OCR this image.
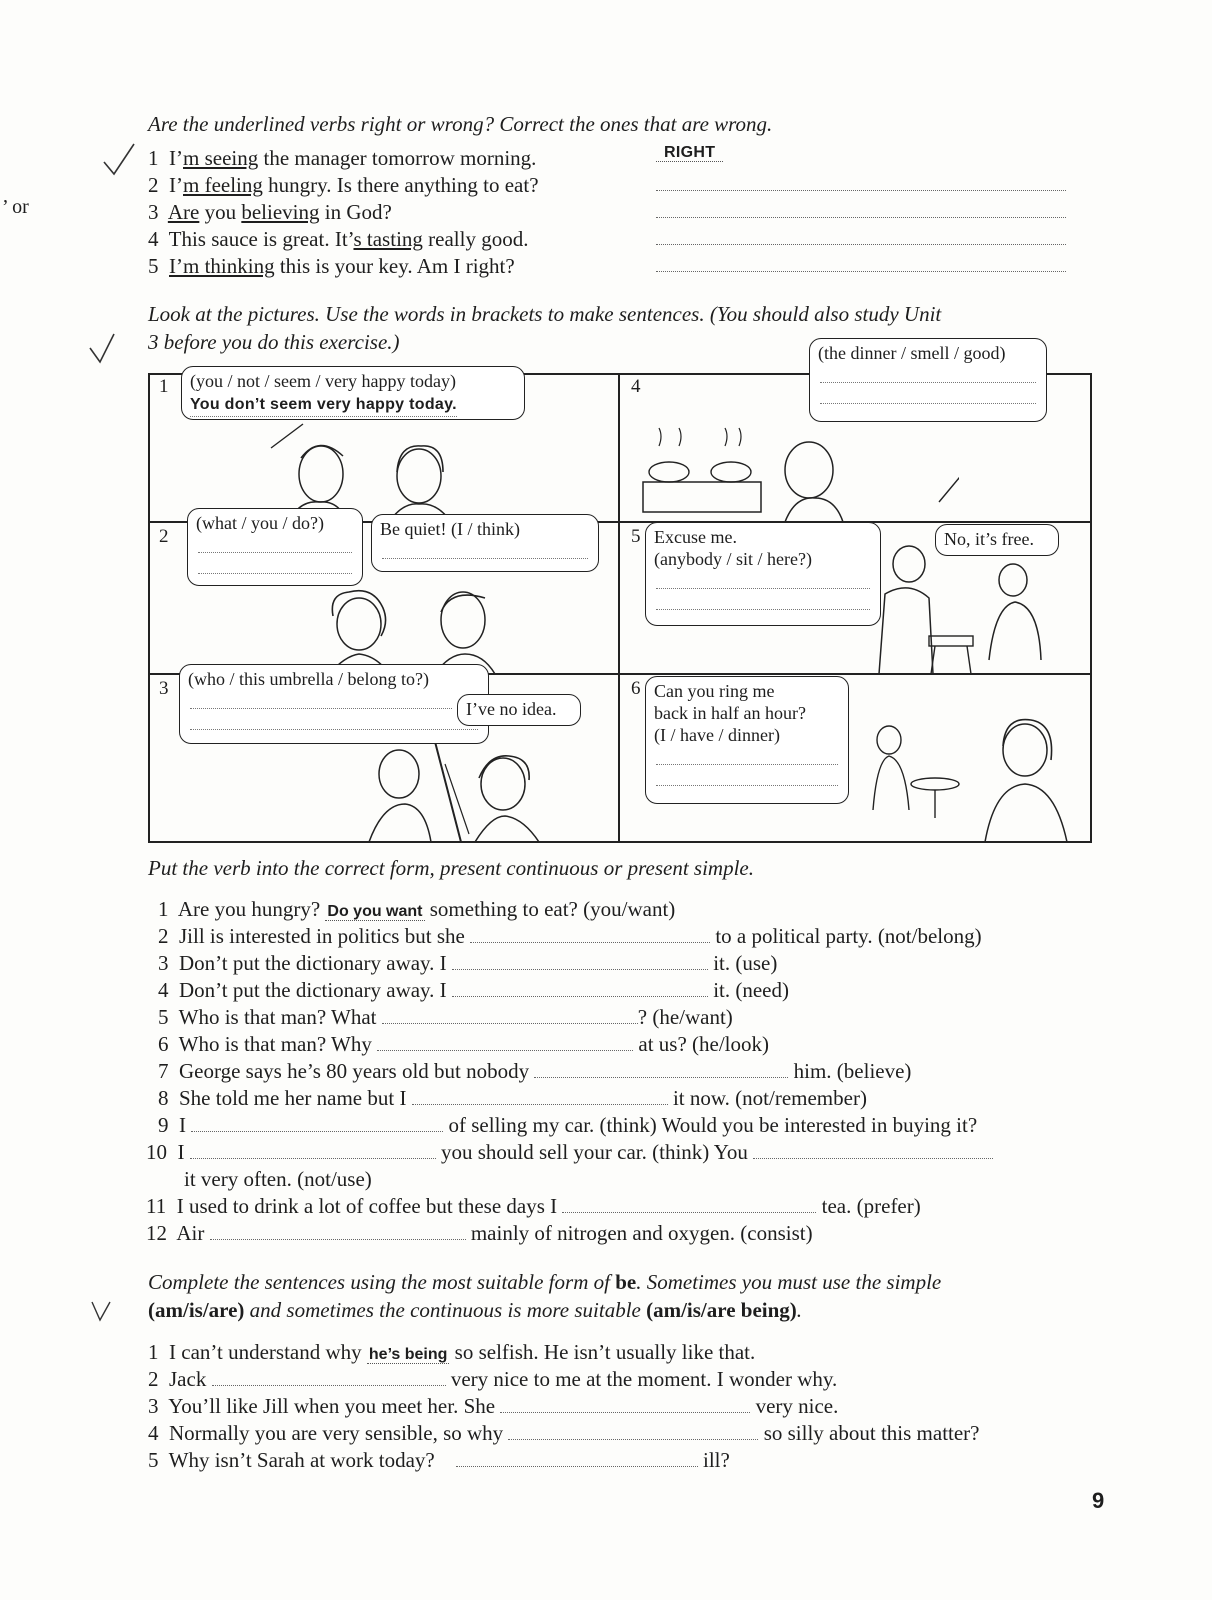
’ or
Are the underlined verbs right or wrong? Correct the ones that are wrong.
1 I’m seeing the manager tomorrow morning.	RIGHT
2 I’m feeling hungry. Is there anything to eat?
3 Are you believing in God?
4 This sauce is great. It’s tasting really good.
5 I’m thinking this is your key. Am I right?
Look at the pictures. Use the words in brackets to make sentences. (You should also study Unit
3 before you do this exercise.)
1	4
2	5
3	6
(you / not / seem / very happy today)
You don’t seem very happy today.
(the dinner / smell / good)
(what / you / do?)	Be quiet! (I / think)	Excuse me.
(anybody / sit / here?)
No, it’s free.
(who / this umbrella / belong to?)
I’ve no idea.
Can you ring me
back in half an hour?
(I / have / dinner)
Put the verb into the correct form, present continuous or present simple.
1 Are you hungry? Do you want something to eat? (you/want)
2 Jill is interested in politics but she	to a political party. (not/belong)
3 Don’t put the dictionary away. I	it. (use)
4 Don’t put the dictionary away. I	it. (need)
5 Who is that man? What	? (he/want)
6 Who is that man? Why	at us? (he/look)
7 George says he’s 80 years old but nobody	him. (believe)
8 She told me her name but I	it now. (not/remember)
9 I	of selling my car. (think) Would you be interested in buying it?
10 I	you should sell your car. (think) You
it very often. (not/use)
11 I used to drink a lot of coffee but these days I	tea. (prefer)
12 Air	mainly of nitrogen and oxygen. (consist)
Complete the sentences using the most suitable form of be. Sometimes you must use the simple
(am/is/are) and sometimes the continuous is more suitable (am/is/are being).
1 I can’t understand why he’s being so selfish. He isn’t usually like that.
2 Jack	very nice to me at the moment. I wonder why.
3 You’ll like Jill when you meet her. She	very nice.
4 Normally you are very sensible, so why	so silly about this matter?
5 Why isn’t Sarah at work today?	ill?
9
